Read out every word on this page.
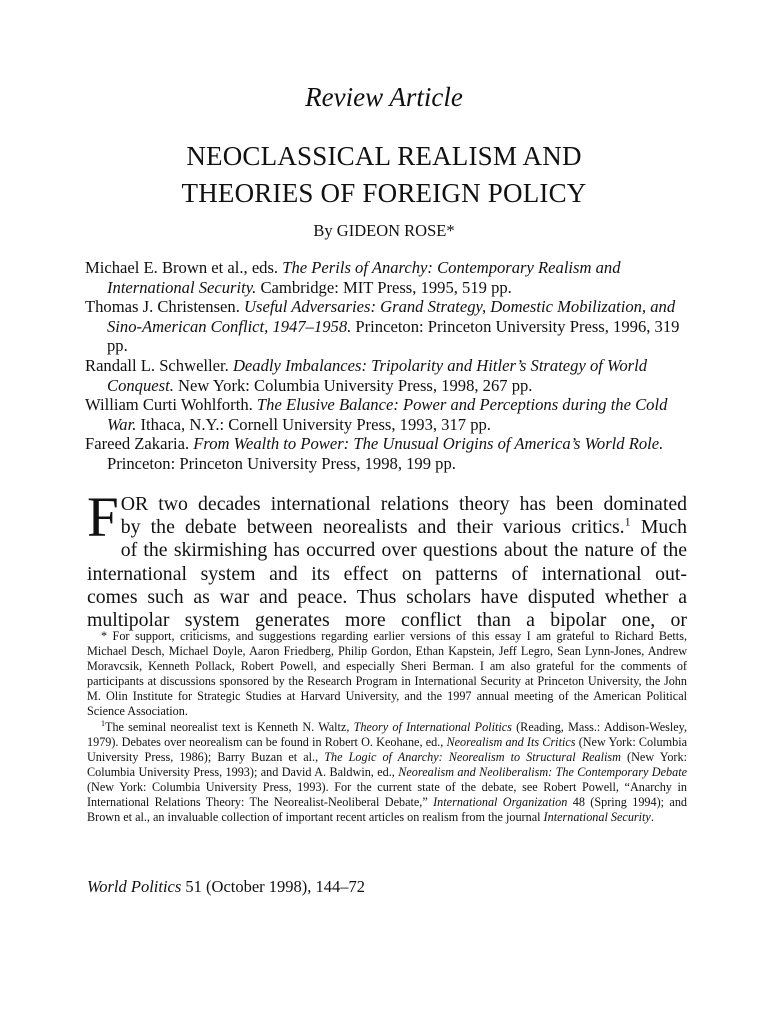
Review Article
NEOCLASSICAL REALISM AND
THEORIES OF FOREIGN POLICY
By GIDEON ROSE*

Michael E. Brown et al., eds. The Perils of Anarchy: Contemporary Realism and International Security. Cambridge: MIT Press, 1995, 519 pp.

Thomas J. Christensen. Useful Adversaries: Grand Strategy, Domestic Mobilization, and Sino-American Conflict, 1947–1958. Princeton: Princeton University Press, 1996, 319 pp.

Randall L. Schweller. Deadly Imbalances: Tripolarity and Hitler’s Strategy of World Conquest. New York: Columbia University Press, 1998, 267 pp.

William Curti Wohlforth. The Elusive Balance: Power and Perceptions during the Cold War. Ithaca, N.Y.: Cornell University Press, 1993, 317 pp.

Fareed Zakaria. From Wealth to Power: The Unusual Origins of America’s World Role. Princeton: Princeton University Press, 1998, 199 pp.

F OR two decades international relations theory has been dominated
by the debate between neorealists and their various critics.$^1$ Much
of the skirmishing has occurred over questions about the nature of the
international system and its effect on patterns of international out-
comes such as war and peace. Thus scholars have disputed whether a
multipolar system generates more conflict than a bipolar one, or

* For support, criticisms, and suggestions regarding earlier versions of this essay I am grateful to Richard Betts, Michael Desch, Michael Doyle, Aaron Friedberg, Philip Gordon, Ethan Kapstein, Jeff Legro, Sean Lynn-Jones, Andrew Moravcsik, Kenneth Pollack, Robert Powell, and especially Sheri Berman. I am also grateful for the comments of participants at discussions sponsored by the Research Program in International Security at Princeton University, the John M. Olin Institute for Strategic Studies at Harvard University, and the 1997 annual meeting of the American Political Science Association.

$^1$The seminal neorealist text is Kenneth N. Waltz, Theory of International Politics (Reading, Mass.: Addison-Wesley, 1979). Debates over neorealism can be found in Robert O. Keohane, ed., Neorealism and Its Critics (New York: Columbia University Press, 1986); Barry Buzan et al., The Logic of Anarchy: Neorealism to Structural Realism (New York: Columbia University Press, 1993); and David A. Baldwin, ed., Neorealism and Neoliberalism: The Contemporary Debate (New York: Columbia University Press, 1993). For the current state of the debate, see Robert Powell, “Anarchy in International Relations Theory: The Neorealist-Neoliberal Debate,” International Organization 48 (Spring 1994); and Brown et al., an invaluable collection of important recent articles on realism from the journal International Security.

World Politics 51 (October 1998), 144–72
